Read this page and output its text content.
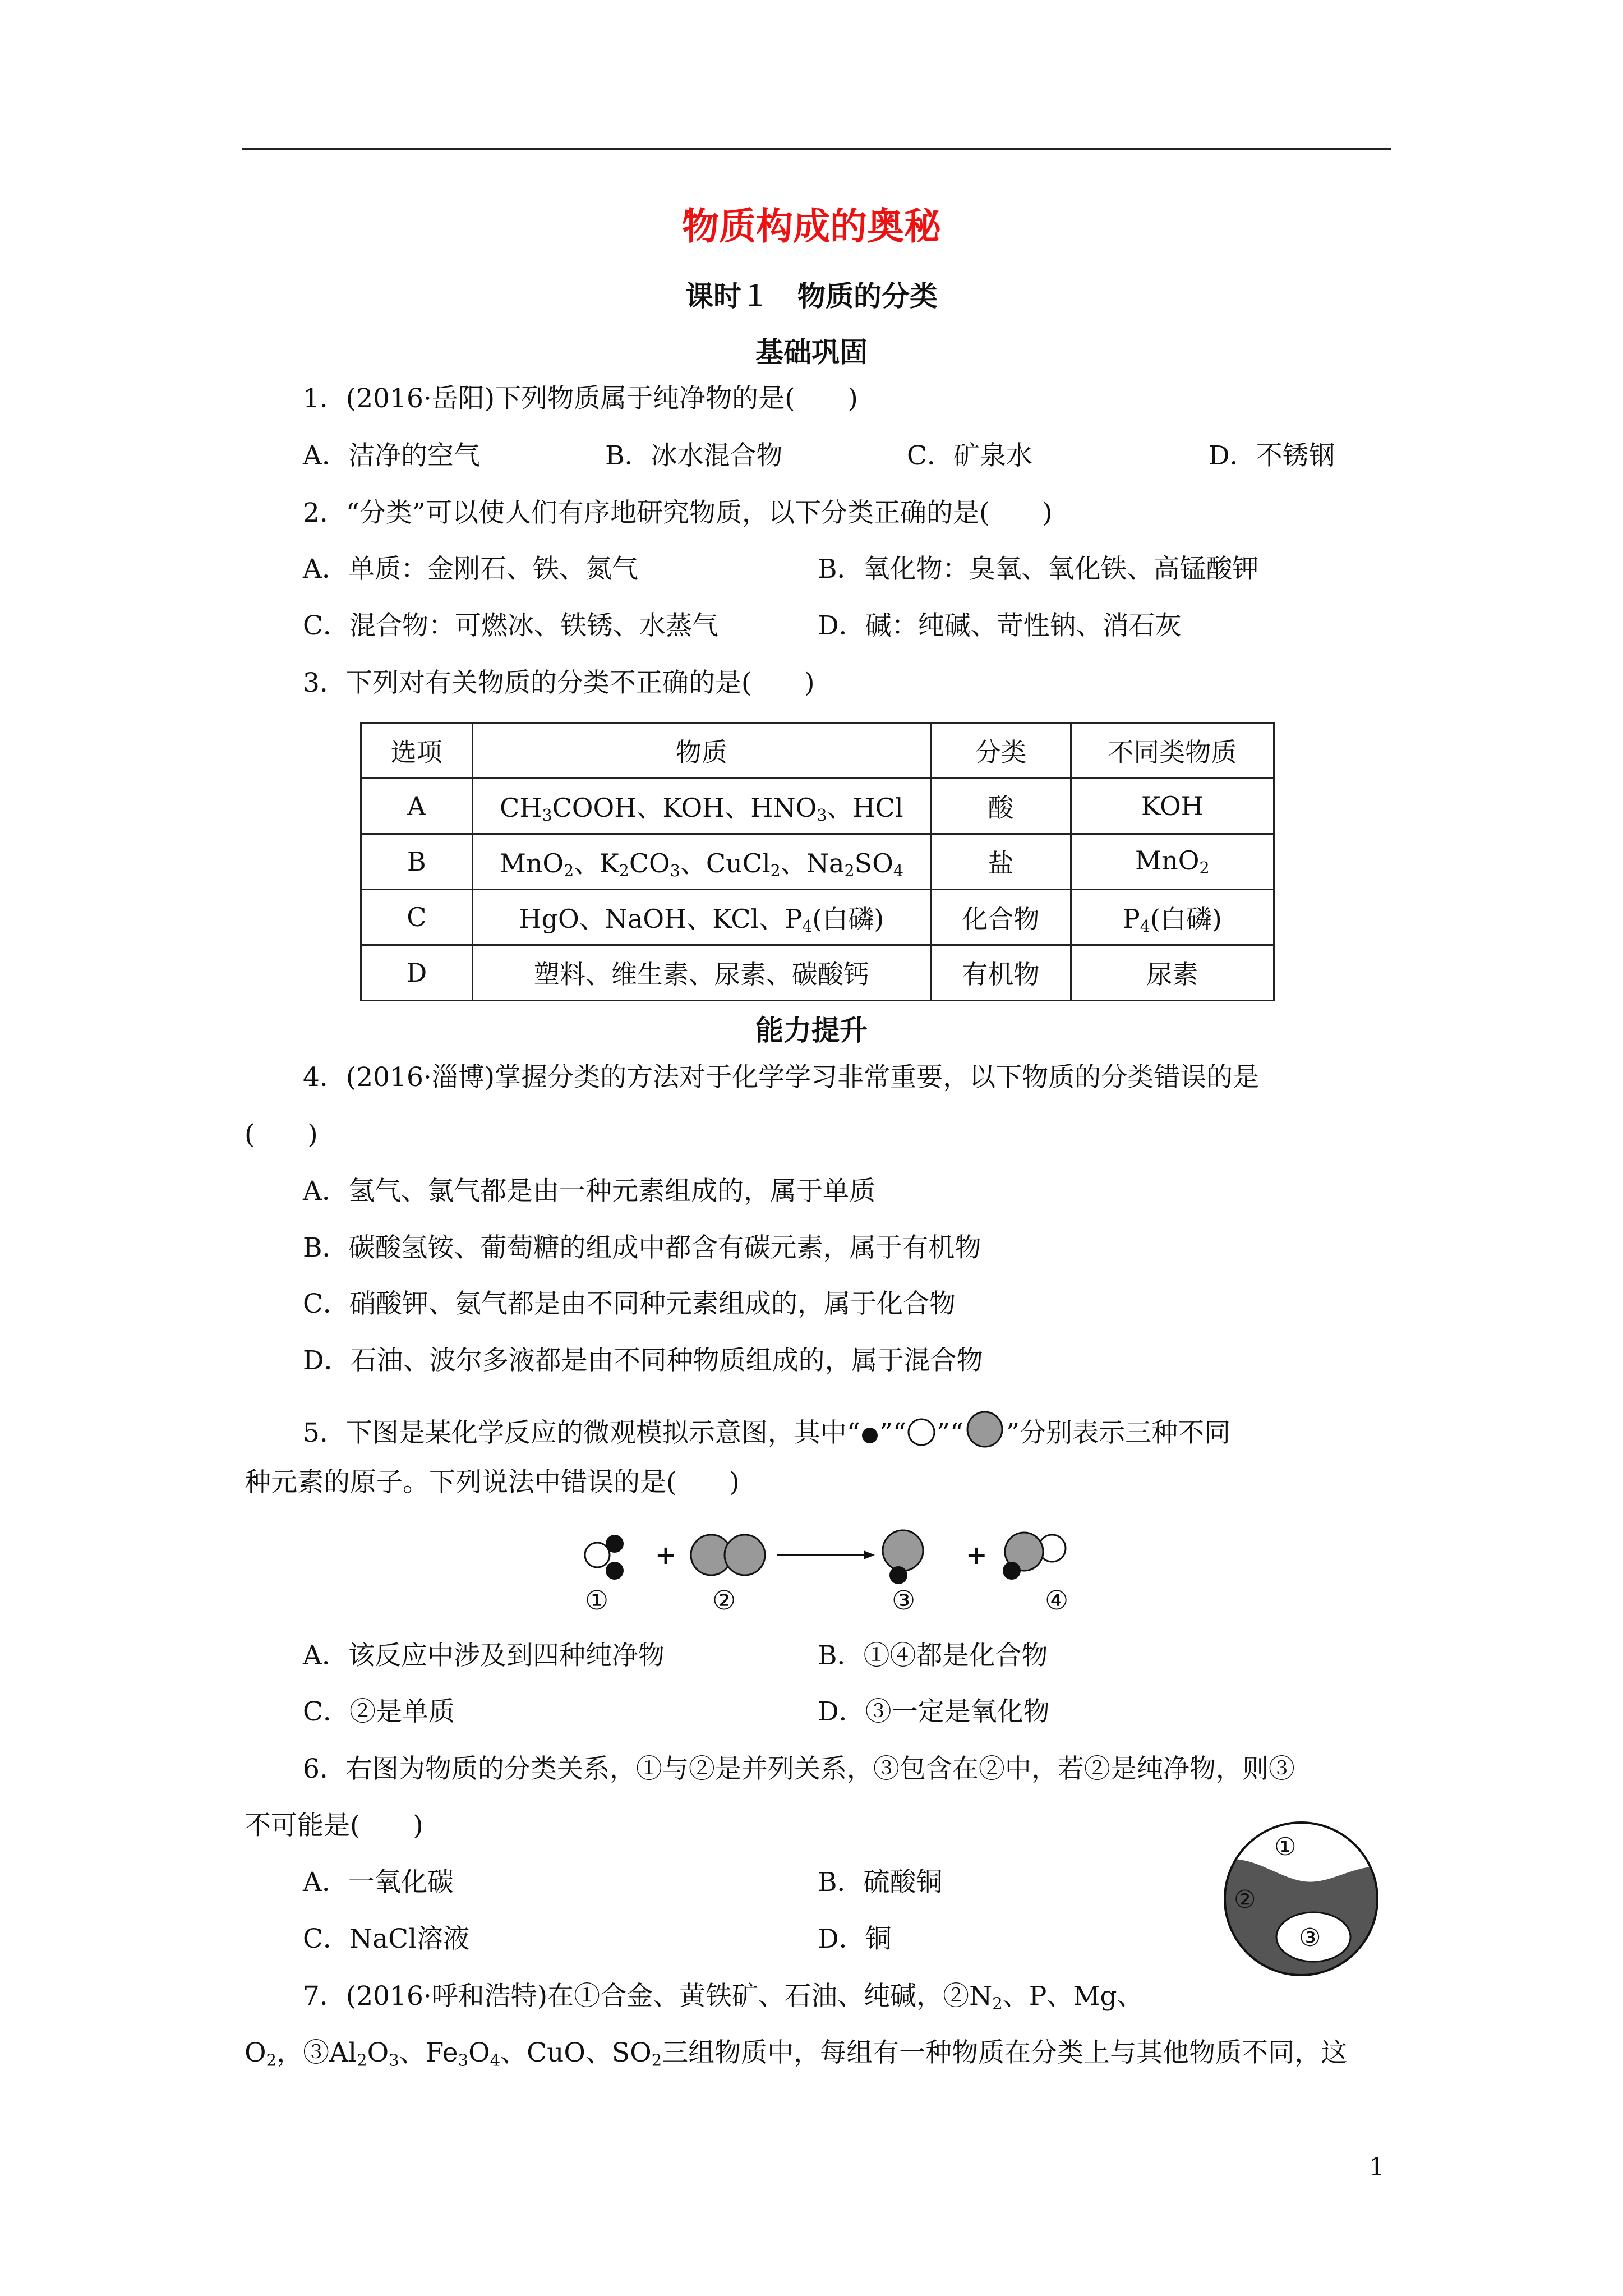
物质构成的奥秘
课时１　物质的分类
基础巩固
1．(2016·岳阳)下列物质属于纯净物的是(　　)
A．洁净的空气	B．冰水混合物	C．矿泉水	D．不锈钢
2．“分类”可以使人们有序地研究物质，以下分类正确的是(　　)
A．单质：金刚石、铁、氮气	B．氧化物：臭氧、氧化铁、高锰酸钾
C．混合物：可燃冰、铁锈、水蒸气	D．碱：纯碱、苛性钠、消石灰
3．下列对有关物质的分类不正确的是(　　)
选项	物质	分类	不同类物质
A	$CH_3COOH$、KOH、$HNO_3$、HCl	酸	KOH
B	MnO$_2$、$K_2CO_3$、CuCl$_2$、$Na_2SO_4$	盐	MnO$_2$
C	HgO、NaOH、KCl、$P_4$(白磷)	化合物	$P_4$(白磷)
D	塑料、维生素、尿素、碳酸钙	有机物	尿素
能力提升
4．(2016·淄博)掌握分类的方法对于化学学习非常重要，以下物质的分类错误的是
(　　)
A．氢气、氯气都是由一种元素组成的，属于单质
B．碳酸氢铵、葡萄糖的组成中都含有碳元素，属于有机物
C．硝酸钾、氨气都是由不同种元素组成的，属于化合物
D．石油、波尔多液都是由不同种物质组成的，属于混合物
5．下图是某化学反应的微观模拟示意图，其中“ ”“ ”“ ”分别表示三种不同
种元素的原子。下列说法中错误的是(　　)
+	+
①	②	③	④
A．该反应中涉及到四种纯净物	B．①④都是化合物
C．②是单质	D．③一定是氧化物
6．右图为物质的分类关系，①与②是并列关系，③包含在②中，若②是纯净物，则③
不可能是(　　)
A．一氧化碳	B．硫酸铜
C．NaCl溶液	D．铜
①
②
③
7．(2016·呼和浩特)在①合金、黄铁矿、石油、纯碱，$②N_2$、P、Mg、
$O_2$，$③Al_2O_3$、$Fe_3O_4$、CuO、$SO_2$三组物质中，每组有一种物质在分类上与其他物质不同，这
1
